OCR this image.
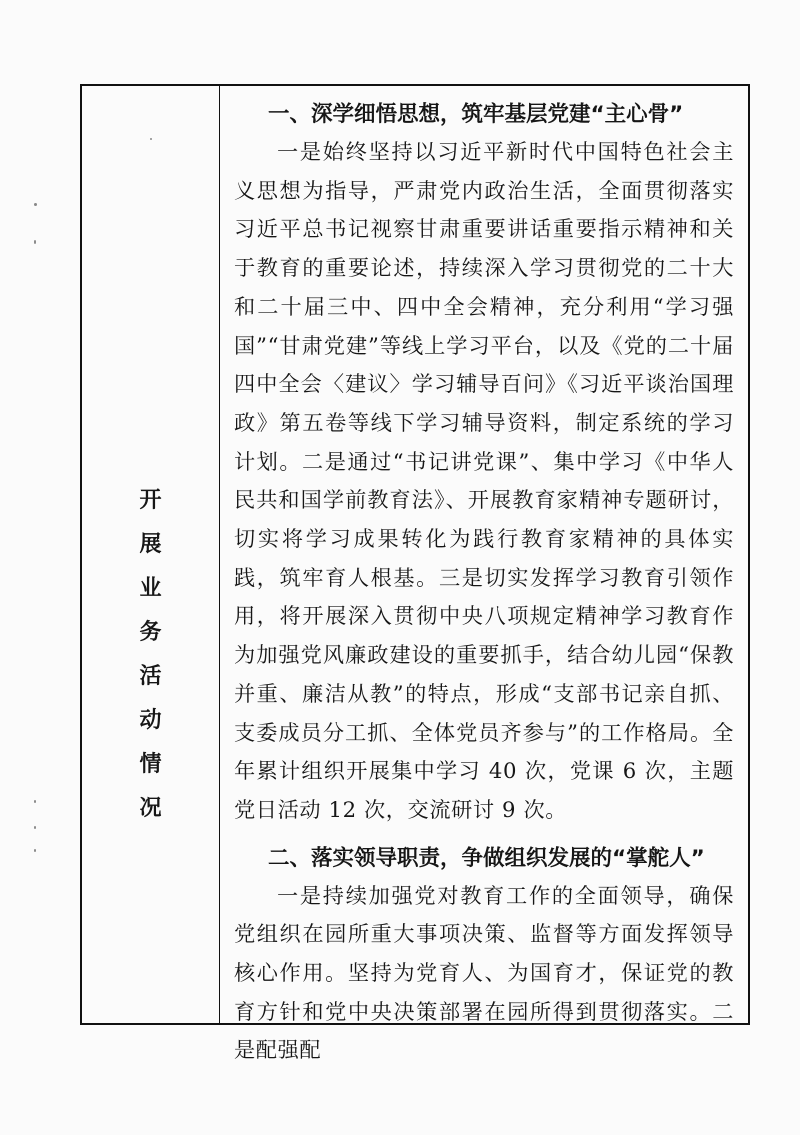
开
展
业
务
活
动
情
况
一、深学细悟思想，筑牢基层党建“主心骨”

一是始终坚持以习近平新时代中国特色社会主义思想为指导，严肃党内政治生活，全面贯彻落实习近平总书记视察甘肃重要讲话重要指示精神和关于教育的重要论述，持续深入学习贯彻党的二十大和二十届三中、四中全会精神，充分利用“学习强国”“甘肃党建”等线上学习平台，以及《党的二十届四中全会〈建议〉学习辅导百问》《习近平谈治国理政》第五卷等线下学习辅导资料，制定系统的学习计划。二是通过“书记讲党课”、集中学习《中华人民共和国学前教育法》、开展教育家精神专题研讨，切实将学习成果转化为践行教育家精神的具体实践，筑牢育人根基。三是切实发挥学习教育引领作用，将开展深入贯彻中央八项规定精神学习教育作为加强党风廉政建设的重要抓手，结合幼儿园“保教并重、廉洁从教”的特点，形成“支部书记亲自抓、支委成员分工抓、全体党员齐参与”的工作格局。全年累计组织开展集中学习 40 次，党课 6 次，主题党日活动 12 次，交流研讨 9 次。

二、落实领导职责，争做组织发展的“掌舵人”

一是持续加强党对教育工作的全面领导，确保党组织在园所重大事项决策、监督等方面发挥领导核心作用。坚持为党育人、为国育才，保证党的教育方针和党中央决策部署在园所得到贯彻落实。二是配强配
